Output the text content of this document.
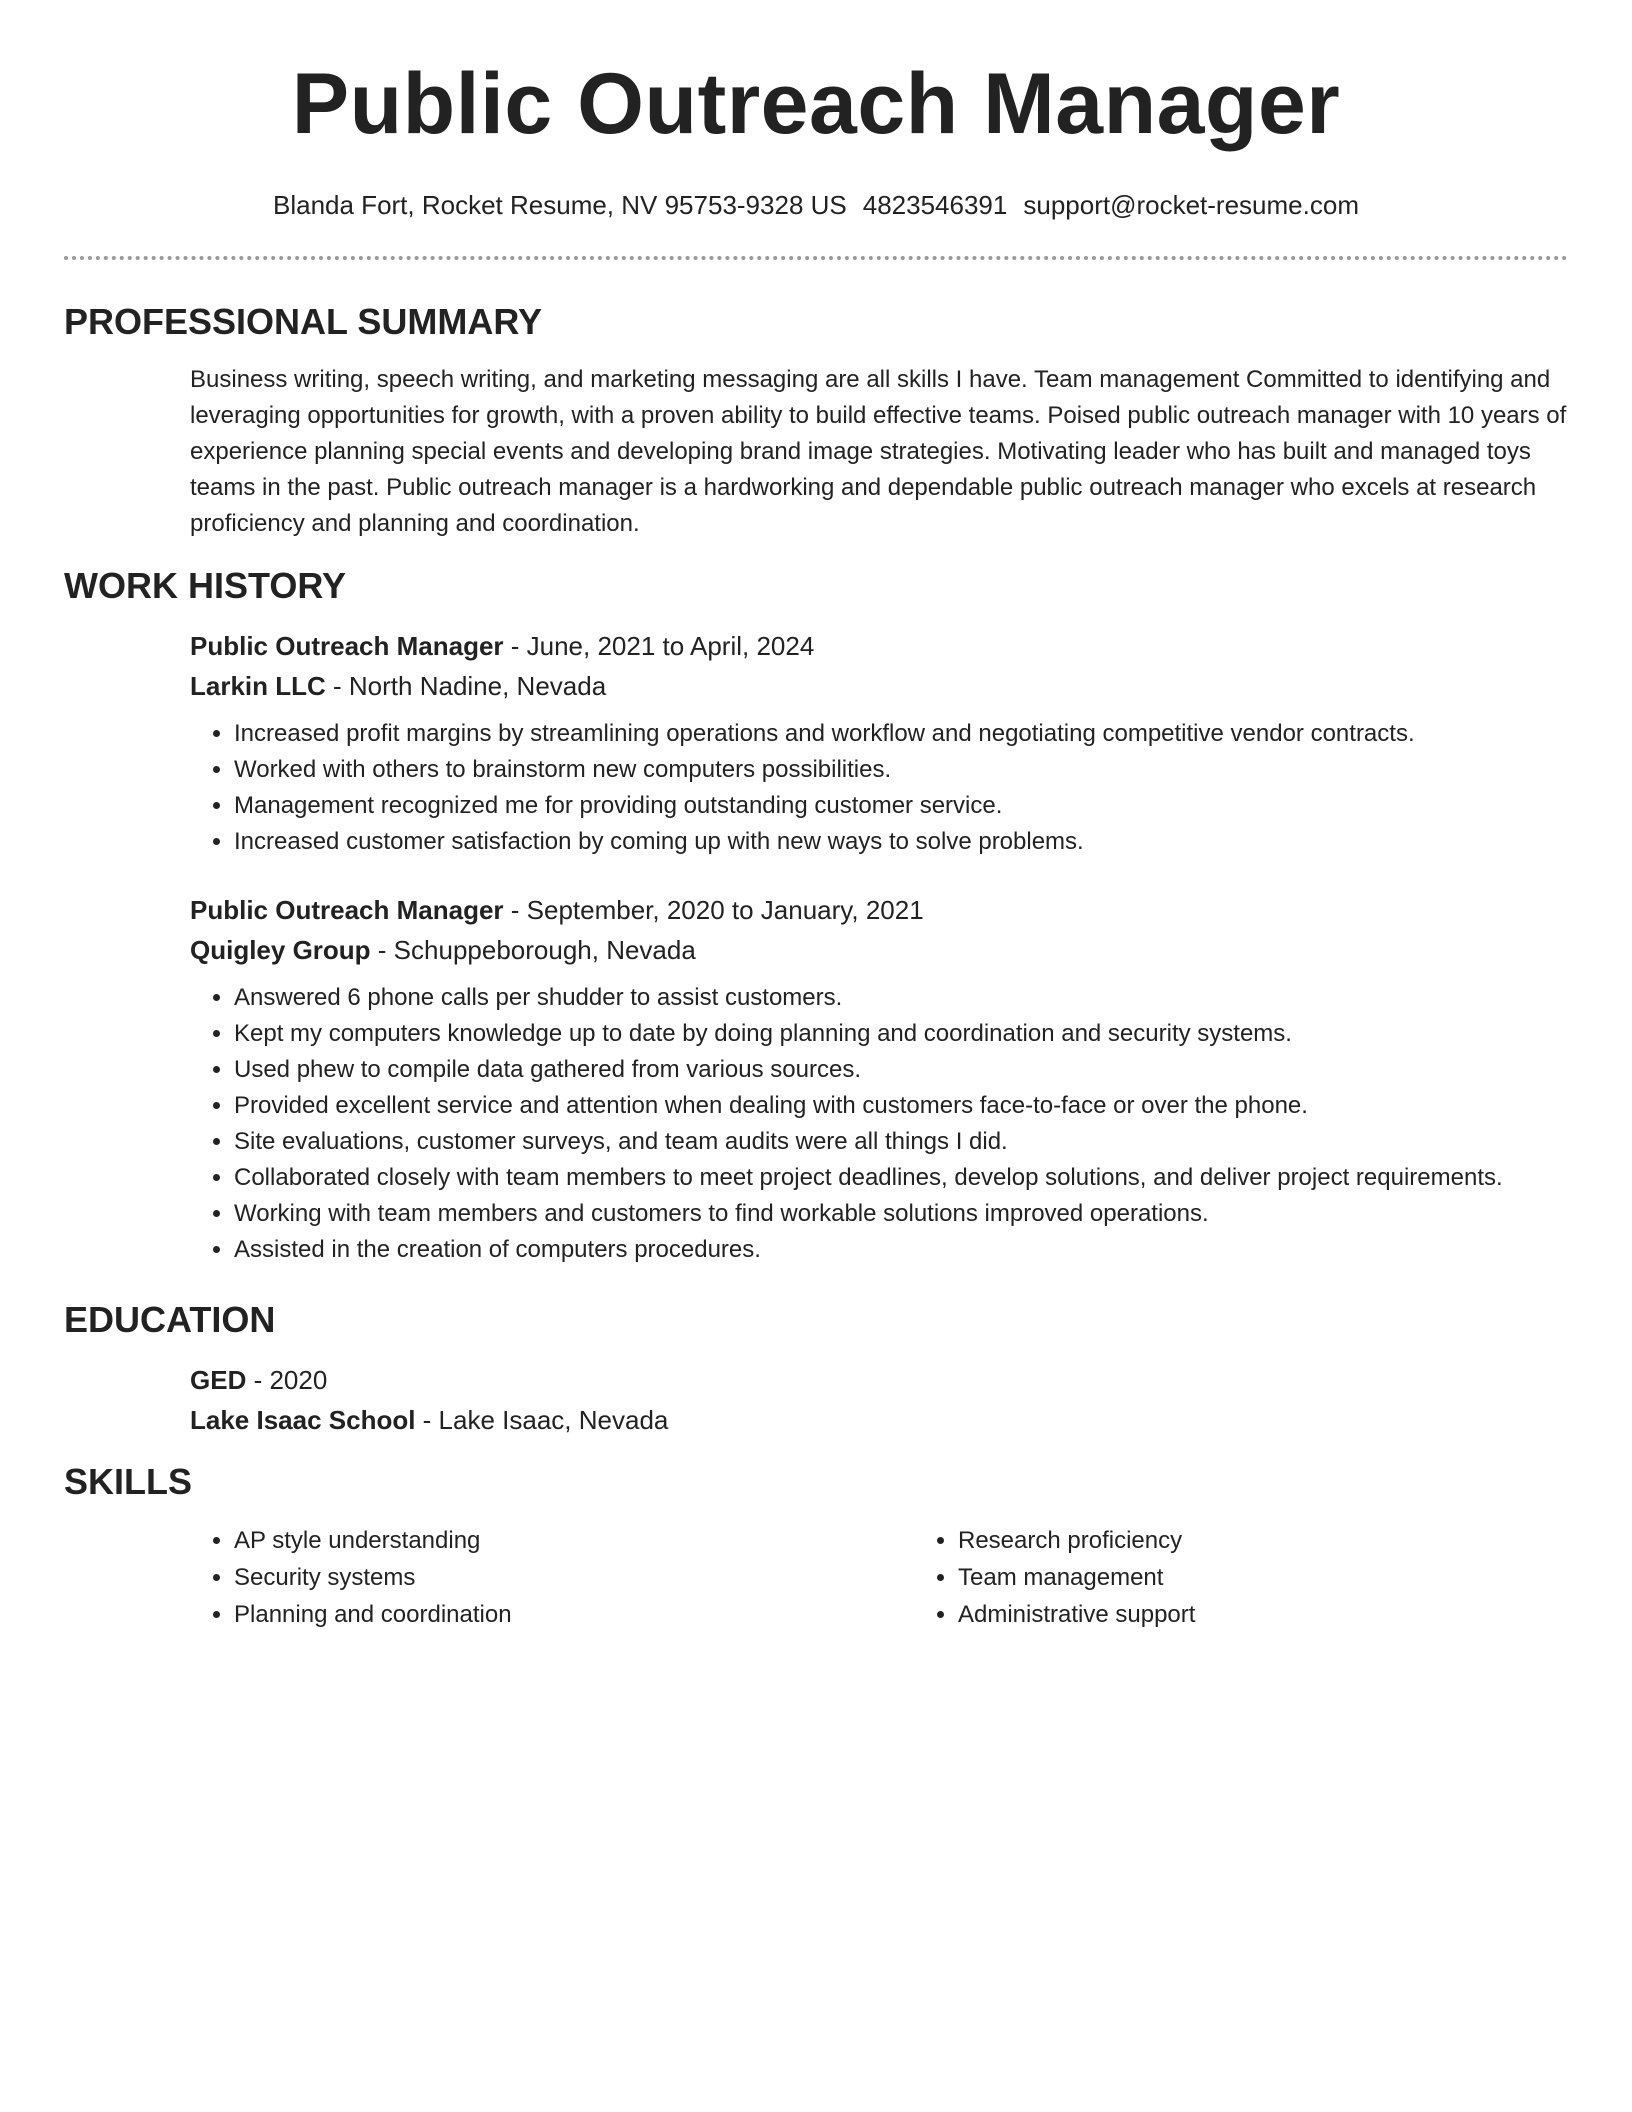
Public Outreach Manager
Blanda Fort, Rocket Resume, NV 95753-9328 US 4823546391 support@rocket-resume.com
PROFESSIONAL SUMMARY

Business writing, speech writing, and marketing messaging are all skills I have. Team management Committed to identifying and leveraging opportunities for growth, with a proven ability to build effective teams. Poised public outreach manager with 10 years of experience planning special events and developing brand image strategies. Motivating leader who has built and managed toys teams in the past. Public outreach manager is a hardworking and dependable public outreach manager who excels at research proficiency and planning and coordination.

WORK HISTORY
Public Outreach Manager - June, 2021 to April, 2024
Larkin LLC - North Nadine, Nevada
• Increased profit margins by streamlining operations and workflow and negotiating competitive vendor contracts.
• Worked with others to brainstorm new computers possibilities.
• Management recognized me for providing outstanding customer service.
• Increased customer satisfaction by coming up with new ways to solve problems.
Public Outreach Manager - September, 2020 to January, 2021
Quigley Group - Schuppeborough, Nevada
• Answered 6 phone calls per shudder to assist customers.
• Kept my computers knowledge up to date by doing planning and coordination and security systems.
• Used phew to compile data gathered from various sources.
• Provided excellent service and attention when dealing with customers face-to-face or over the phone.
• Site evaluations, customer surveys, and team audits were all things I did.
• Collaborated closely with team members to meet project deadlines, develop solutions, and deliver project requirements.
• Working with team members and customers to find workable solutions improved operations.
• Assisted in the creation of computers procedures.
EDUCATION
GED - 2020
Lake Isaac School - Lake Isaac, Nevada
SKILLS
• AP style understanding
• Security systems
• Planning and coordination
• Research proficiency
• Team management
• Administrative support
